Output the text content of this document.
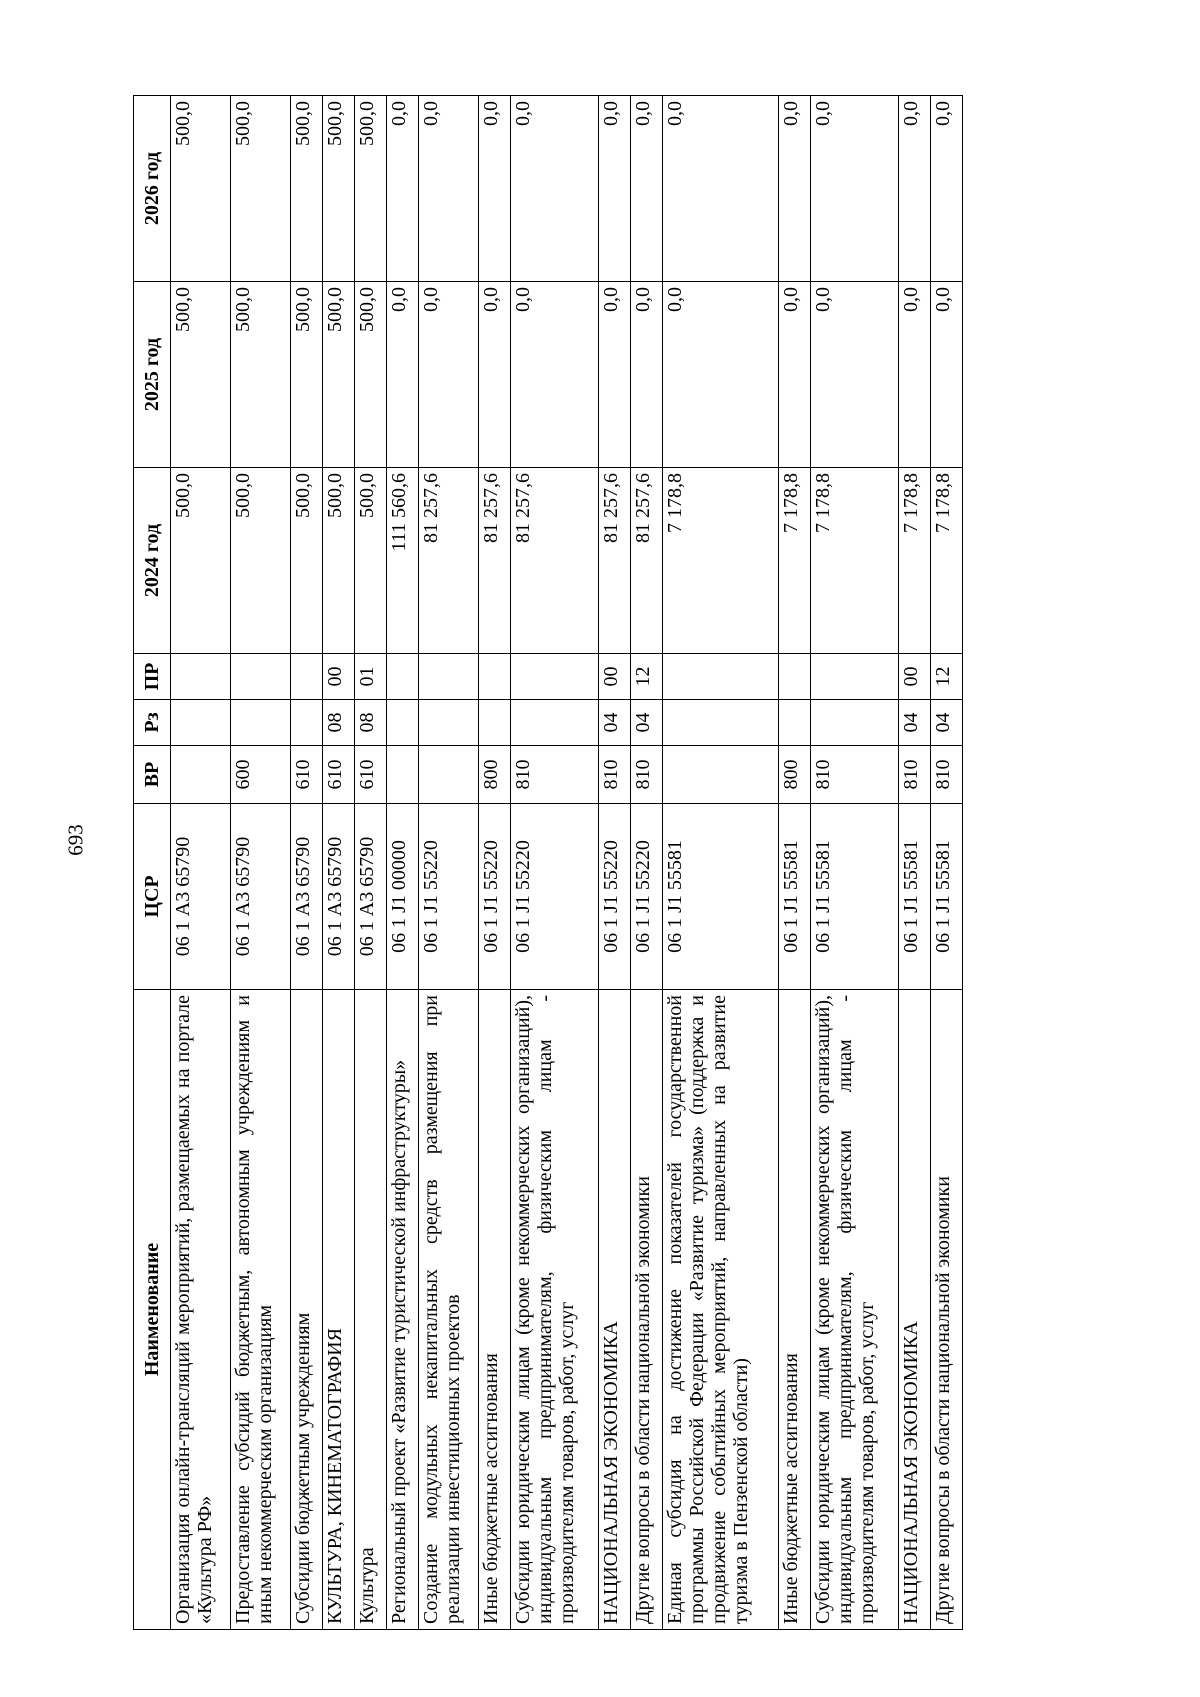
693
Наименование	ЦСР	ВР	Рз	ПР	2024 год	2025 год	2026 год
Организация онлайн-трансляций мероприятий, размещаемых на портале «Культура РФ»	06 1 А3 65790				500,0	500,0	500,0
Предоставление субсидий бюджетным, автономным учреждениям и иным некоммерческим организациям	06 1 А3 65790	600			500,0	500,0	500,0
Субсидии бюджетным учреждениям	06 1 А3 65790	610			500,0	500,0	500,0
КУЛЬТУРА, КИНЕМАТОГРАФИЯ	06 1 А3 65790	610	08	00	500,0	500,0	500,0
Культура	06 1 А3 65790	610	08	01	500,0	500,0	500,0
Региональный проект «Развитие туристической инфраструктуры»	06 1 J1 00000				111 560,6	0,0	0,0
Создание модульных некапитальных средств размещения при реализации инвестиционных проектов	06 1 J1 55220				81 257,6	0,0	0,0
Иные бюджетные ассигнования	06 1 J1 55220	800			81 257,6	0,0	0,0
Субсидии юридическим лицам (кроме некоммерческих организаций), индивидуальным предпринимателям, физическим лицам - производителям товаров, работ, услуг	06 1 J1 55220	810			81 257,6	0,0	0,0
НАЦИОНАЛЬНАЯ ЭКОНОМИКА	06 1 J1 55220	810	04	00	81 257,6	0,0	0,0
Другие вопросы в области национальной экономики	06 1 J1 55220	810	04	12	81 257,6	0,0	0,0
Единая субсидия на достижение показателей государственной программы Российской Федерации «Развитие туризма» (поддержка и продвижение событийных мероприятий, направленных на развитие туризма в Пензенской области)	06 1 J1 55581				7 178,8	0,0	0,0
Иные бюджетные ассигнования	06 1 J1 55581	800			7 178,8	0,0	0,0
Субсидии юридическим лицам (кроме некоммерческих организаций), индивидуальным предпринимателям, физическим лицам - производителям товаров, работ, услуг	06 1 J1 55581	810			7 178,8	0,0	0,0
НАЦИОНАЛЬНАЯ ЭКОНОМИКА	06 1 J1 55581	810	04	00	7 178,8	0,0	0,0
Другие вопросы в области национальной экономики	06 1 J1 55581	810	04	12	7 178,8	0,0	0,0
